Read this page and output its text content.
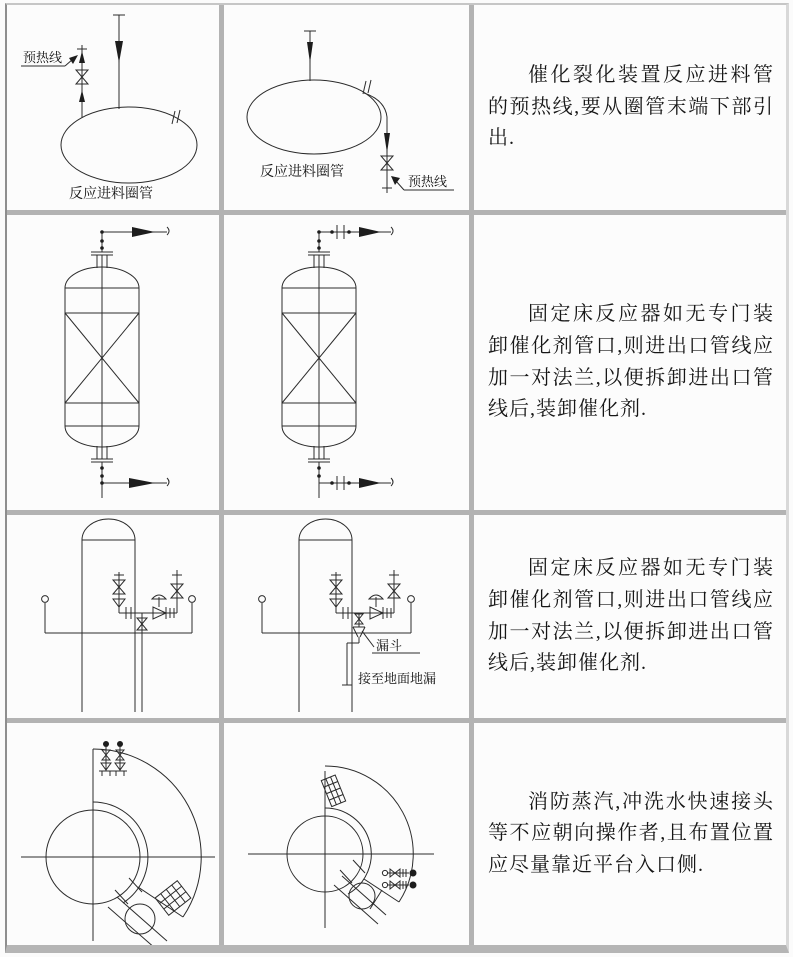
预热线
反应进料圈管
预热线
反应进料圈管

催化裂化装置反应进料管的预热线,要从圈管末端下部引出.

固定床反应器如无专门装卸催化剂管口,则进出口管线应加一对法兰,以便拆卸进出口管线后,装卸催化剂.

漏斗
接至地面地漏

固定床反应器如无专门装卸催化剂管口,则进出口管线应加一对法兰,以便拆卸进出口管线后,装卸催化剂.

消防蒸汽,冲洗水快速接头等不应朝向操作者,且布置位置应尽量靠近平台入口侧.
